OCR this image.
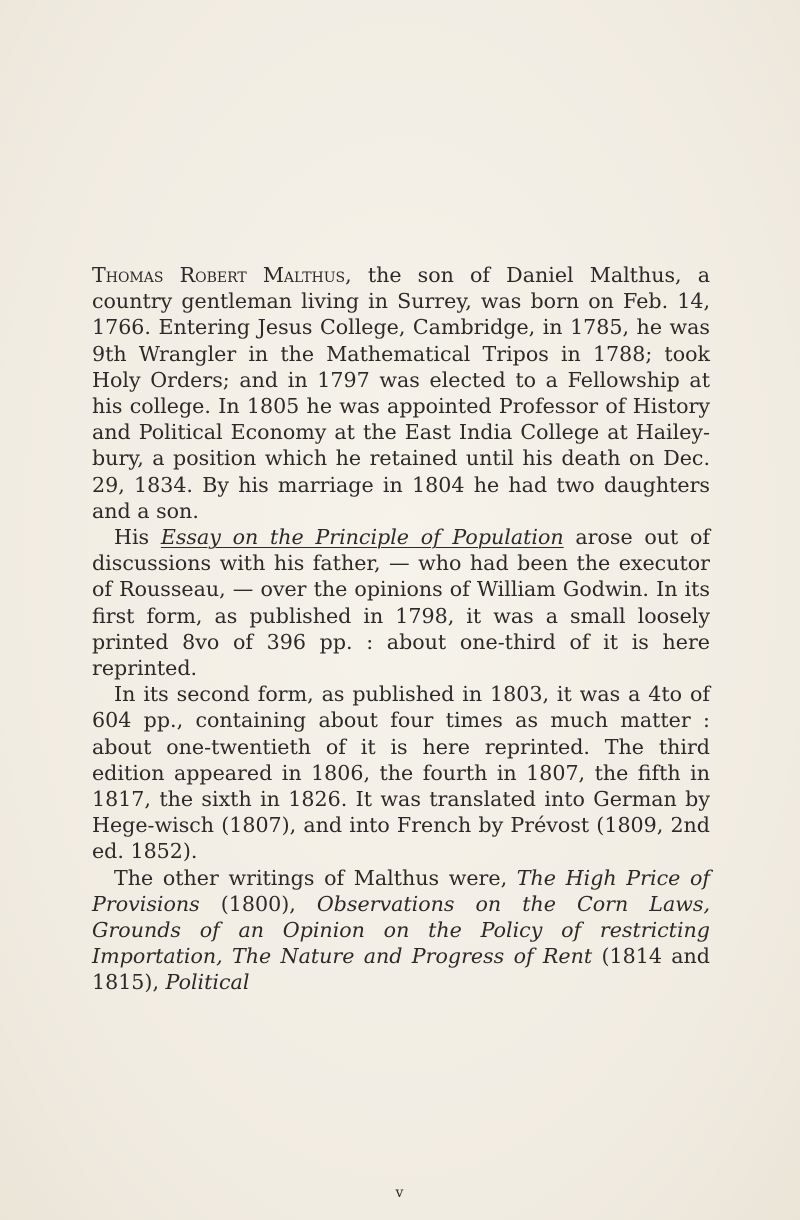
Thomas Robert Malthus, the son of Daniel Malthus, a country gentleman living in Surrey, was born on Feb. 14, 1766. Entering Jesus College, Cambridge, in 1785, he was 9th Wrangler in the Mathematical Tripos in 1788; took Holy Orders; and in 1797 was elected to a Fellowship at his college. In 1805 he was appointed Professor of History and Political Economy at the East India College at Hailey-bury, a position which he retained until his death on Dec. 29, 1834. By his marriage in 1804 he had two daughters and a son.

His Essay on the Principle of Population arose out of discussions with his father, — who had been the executor of Rousseau, — over the opinions of William Godwin. In its first form, as published in 1798, it was a small loosely printed 8vo of 396 pp. : about one-third of it is here reprinted.

In its second form, as published in 1803, it was a 4to of 604 pp., containing about four times as much matter : about one-twentieth of it is here reprinted. The third edition appeared in 1806, the fourth in 1807, the fifth in 1817, the sixth in 1826. It was translated into German by Hege-wisch (1807), and into French by Prévost (1809, 2nd ed. 1852).

The other writings of Malthus were, The High Price of Provisions (1800), Observations on the Corn Laws, Grounds of an Opinion on the Policy of restricting Importation, The Nature and Progress of Rent (1814 and 1815), Political

v
